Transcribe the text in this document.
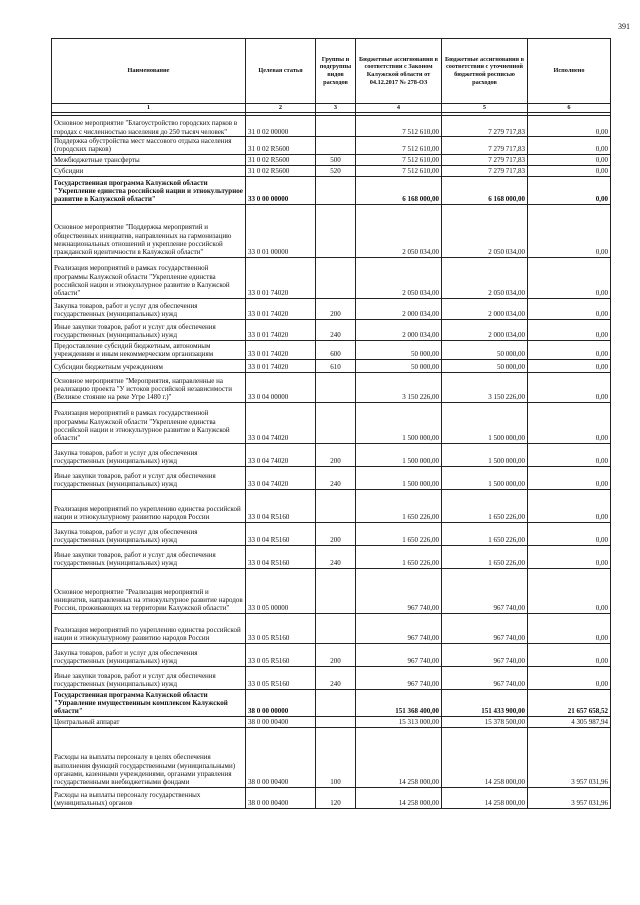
391
Наименование	Целевая статья	Группы и подгруппы видов расходов	Бюджетные ассигнования в соответствии с Законом Калужской области от 04.12.2017 № 278-ОЗ	Бюджетные ассигнования в соответствии с уточненной бюджетной росписью расходов	Исполнено
1	2	3	4	5	6

Основное мероприятие "Благоустройство городских парков в городах с численностью населения до 250 тысяч человек"	31 0 02 00000		7 512 610,00	7 279 717,83	0,00
Поддержка обустройства мест массового отдыха населения (городских парков)	31 0 02 R5600		7 512 610,00	7 279 717,83	0,00
Межбюджетные трансферты	31 0 02 R5600	500	7 512 610,00	7 279 717,83	0,00
Субсидии	31 0 02 R5600	520	7 512 610,00	7 279 717,83	0,00
Государственная программа Калужской области "Укрепление единства российской нации и этнокультурное развитие в Калужской области"	33 0 00 00000		6 168 000,00	6 168 000,00	0,00
Основное мероприятие "Поддержка мероприятий и общественных инициатив, направленных на гармонизацию межнациональных отношений и укрепление российской гражданской идентичности в Калужской области"	33 0 01 00000		2 050 034,00	2 050 034,00	0,00
Реализация мероприятий в рамках государственной программы Калужской области "Укрепление единства российской нации и этнокультурное развитие в Калужской области"	33 0 01 74020		2 050 034,00	2 050 034,00	0,00
Закупка товаров, работ и услуг для обеспечения государственных (муниципальных) нужд	33 0 01 74020	200	2 000 034,00	2 000 034,00	0,00
Иные закупки товаров, работ и услуг для обеспечения государственных (муниципальных) нужд	33 0 01 74020	240	2 000 034,00	2 000 034,00	0,00
Предоставление субсидий бюджетным, автономным учреждениям и иным некоммерческим организациям	33 0 01 74020	600	50 000,00	50 000,00	0,00
Субсидии бюджетным учреждениям	33 0 01 74020	610	50 000,00	50 000,00	0,00
Основное мероприятие "Мероприятия, направленные на реализацию проекта "У истоков российской независимости (Великое стояние на реке Угре 1480 г.)"	33 0 04 00000		3 150 226,00	3 150 226,00	0,00
Реализация мероприятий в рамках государственной программы Калужской области "Укрепление единства российской нации и этнокультурное развитие в Калужской области"	33 0 04 74020		1 500 000,00	1 500 000,00	0,00
Закупка товаров, работ и услуг для обеспечения государственных (муниципальных) нужд	33 0 04 74020	200	1 500 000,00	1 500 000,00	0,00
Иные закупки товаров, работ и услуг для обеспечения государственных (муниципальных) нужд	33 0 04 74020	240	1 500 000,00	1 500 000,00	0,00
Реализация мероприятий по укреплению единства российской нации и этнокультурному развитию народов России	33 0 04 R5160		1 650 226,00	1 650 226,00	0,00
Закупка товаров, работ и услуг для обеспечения государственных (муниципальных) нужд	33 0 04 R5160	200	1 650 226,00	1 650 226,00	0,00
Иные закупки товаров, работ и услуг для обеспечения государственных (муниципальных) нужд	33 0 04 R5160	240	1 650 226,00	1 650 226,00	0,00
Основное мероприятие "Реализация мероприятий и инициатив, направленных на этнокультурное развитие народов России, проживающих на территории Калужской области"	33 0 05 00000		967 740,00	967 740,00	0,00
Реализация мероприятий по укреплению единства российской нации и этнокультурному развитию народов России	33 0 05 R5160		967 740,00	967 740,00	0,00
Закупка товаров, работ и услуг для обеспечения государственных (муниципальных) нужд	33 0 05 R5160	200	967 740,00	967 740,00	0,00
Иные закупки товаров, работ и услуг для обеспечения государственных (муниципальных) нужд	33 0 05 R5160	240	967 740,00	967 740,00	0,00
Государственная программа Калужской области "Управление имущественным комплексом Калужской области"	38 0 00 00000		151 368 400,00	151 433 900,00	21 657 658,52
Центральный аппарат	38 0 00 00400		15 313 000,00	15 378 500,00	4 305 987,94
Расходы на выплаты персоналу в целях обеспечения выполнения функций государственными (муниципальными) органами, казенными учреждениями, органами управления государственными внебюджетными фондами	38 0 00 00400	100	14 258 000,00	14 258 000,00	3 957 031,96
Расходы на выплаты персоналу государственных (муниципальных) органов	38 0 00 00400	120	14 258 000,00	14 258 000,00	3 957 031,96
